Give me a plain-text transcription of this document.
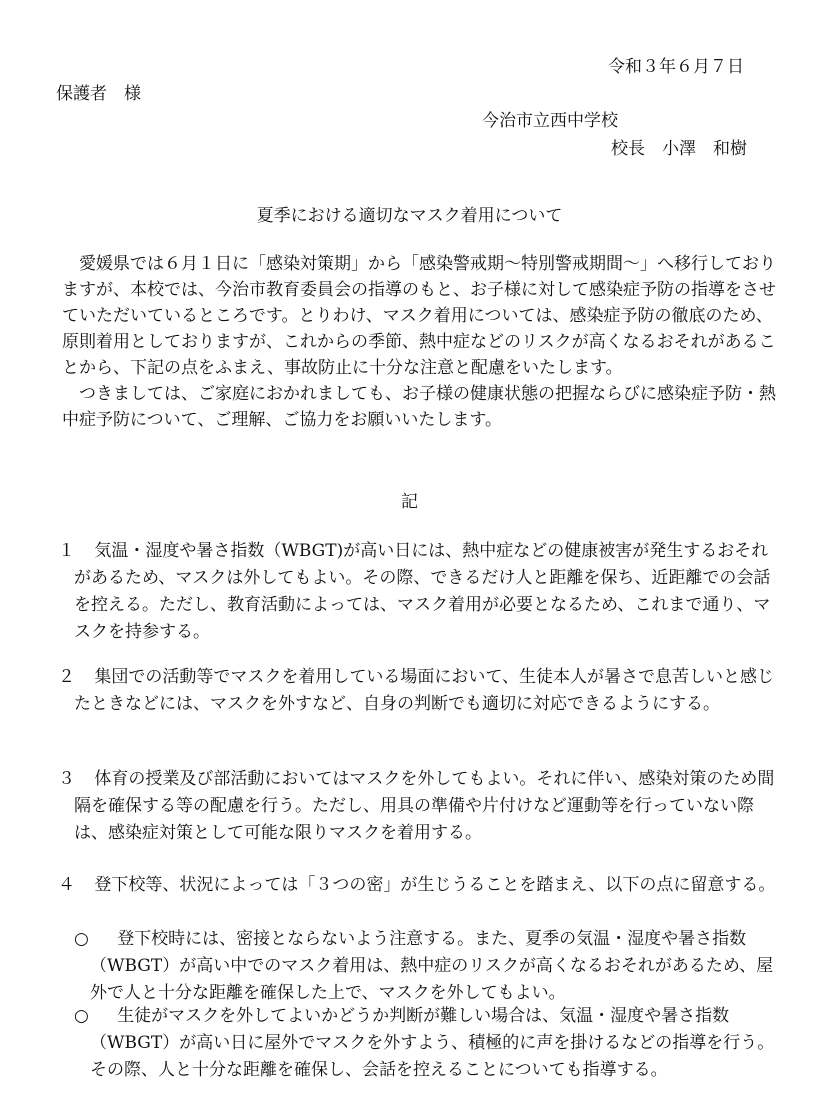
令和３年６月７日
保護者　様
今治市立西中学校
校長　小澤　和樹
夏季における適切なマスク着用について

愛媛県では６月１日に「感染対策期」から「感染警戒期～特別警戒期間～」へ移行しておりますが、本校では、今治市教育委員会の指導のもと、お子様に対して感染症予防の指導をさせていただいているところです。とりわけ、マスク着用については、感染症予防の徹底のため、原則着用としておりますが、これからの季節、熱中症などのリスクが高くなるおそれがあることから、下記の点をふまえ、事故防止に十分な注意と配慮をいたします。

つきましては、ご家庭におかれましても、お子様の健康状態の把握ならびに感染症予防・熱中症予防について、ご理解、ご協力をお願いいたします。

記
１	気温・湿度や暑さ指数（WBGT)が高い日には、熱中症などの健康被害が発生するおそれがあるため、マスクは外してもよい。その際、できるだけ人と距離を保ち、近距離での会話を控える。ただし、教育活動によっては、マスク着用が必要となるため、これまで通り、マスクを持参する。
２	集団での活動等でマスクを着用している場面において、生徒本人が暑さで息苦しいと感じたときなどには、マスクを外すなど、自身の判断でも適切に対応できるようにする。
３	体育の授業及び部活動においてはマスクを外してもよい。それに伴い、感染対策のため間隔を確保する等の配慮を行う。ただし、用具の準備や片付けなど運動等を行っていない際は、感染症対策として可能な限りマスクを着用する。
４	登下校等、状況によっては「３つの密」が生じうることを踏まえ、以下の点に留意する。
○	登下校時には、密接とならないよう注意する。また、夏季の気温・湿度や暑さ指数（WBGT）が高い中でのマスク着用は、熱中症のリスクが高くなるおそれがあるため、屋外で人と十分な距離を確保した上で、マスクを外してもよい。
○	生徒がマスクを外してよいかどうか判断が難しい場合は、気温・湿度や暑さ指数（WBGT）が高い日に屋外でマスクを外すよう、積極的に声を掛けるなどの指導を行う。その際、人と十分な距離を確保し、会話を控えることについても指導する。
